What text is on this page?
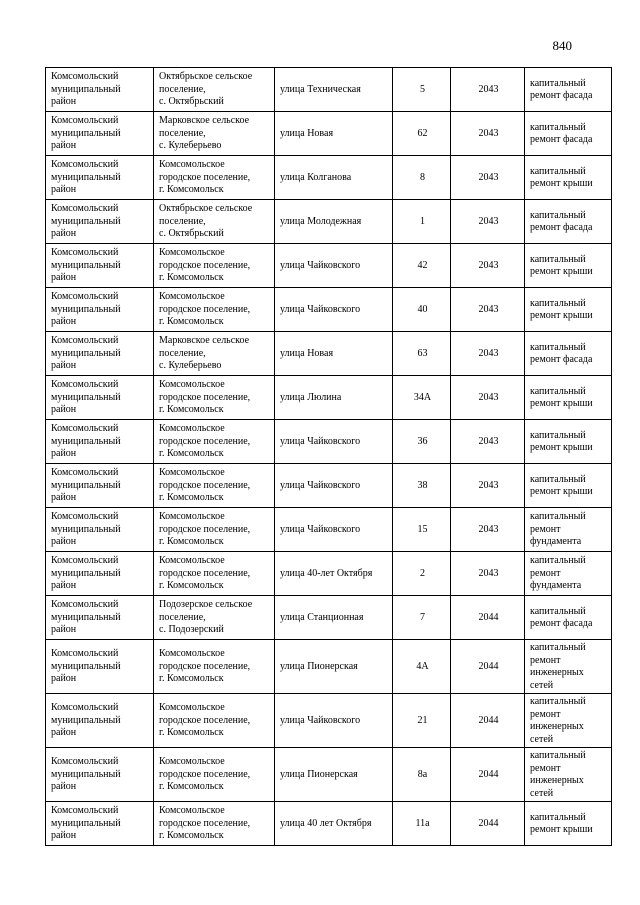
840
Комсомольский
муниципальный
район	Октябрьское сельское
поселение,
с. Октябрьский	улица Техническая	5	2043	капитальный
ремонт фасада

Комсомольский
муниципальный
район	Марковское сельское
поселение,
с. Кулеберьево	улица Новая	62	2043	капитальный
ремонт фасада

Комсомольский
муниципальный
район	Комсомольское
городское поселение,
г. Комсомольск	улица Колганова	8	2043	капитальный
ремонт крыши

Комсомольский
муниципальный
район	Октябрьское сельское
поселение,
с. Октябрьский	улица Молодежная	1	2043	капитальный
ремонт фасада

Комсомольский
муниципальный
район	Комсомольское
городское поселение,
г. Комсомольск	улица Чайковского	42	2043	капитальный
ремонт крыши

Комсомольский
муниципальный
район	Комсомольское
городское поселение,
г. Комсомольск	улица Чайковского	40	2043	капитальный
ремонт крыши

Комсомольский
муниципальный
район	Марковское сельское
поселение,
с. Кулеберьево	улица Новая	63	2043	капитальный
ремонт фасада

Комсомольский
муниципальный
район	Комсомольское
городское поселение,
г. Комсомольск	улица Люлина	34А	2043	капитальный
ремонт крыши

Комсомольский
муниципальный
район	Комсомольское
городское поселение,
г. Комсомольск	улица Чайковского	36	2043	капитальный
ремонт крыши

Комсомольский
муниципальный
район	Комсомольское
городское поселение,
г. Комсомольск	улица Чайковского	38	2043	капитальный
ремонт крыши

Комсомольский
муниципальный
район	Комсомольское
городское поселение,
г. Комсомольск	улица Чайковского	15	2043	капитальный
ремонт
фундамента

Комсомольский
муниципальный
район	Комсомольское
городское поселение,
г. Комсомольск	улица 40-лет Октября	2	2043	капитальный
ремонт
фундамента

Комсомольский
муниципальный
район	Подозерское сельское
поселение,
с. Подозерский	улица Станционная	7	2044	капитальный
ремонт фасада

Комсомольский
муниципальный
район	Комсомольское
городское поселение,
г. Комсомольск	улица Пионерская	4А	2044	капитальный
ремонт
инженерных
сетей

Комсомольский
муниципальный
район	Комсомольское
городское поселение,
г. Комсомольск	улица Чайковского	21	2044	капитальный
ремонт
инженерных
сетей

Комсомольский
муниципальный
район	Комсомольское
городское поселение,
г. Комсомольск	улица Пионерская	8а	2044	капитальный
ремонт
инженерных
сетей

Комсомольский
муниципальный
район	Комсомольское
городское поселение,
г. Комсомольск	улица 40 лет Октября	11а	2044	капитальный
ремонт крыши
